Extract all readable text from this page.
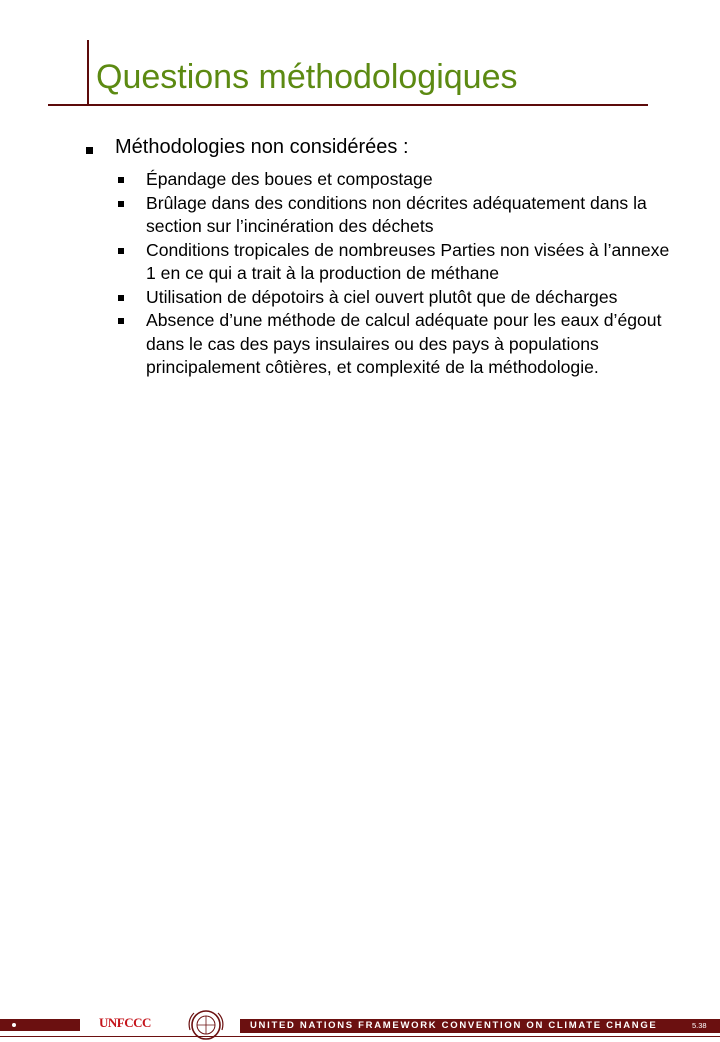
Questions méthodologiques
Méthodologies non considérées :
Épandage des boues et compostage
Brûlage dans des conditions non décrites adéquatement dans la section sur l’incinération des déchets
Conditions tropicales de nombreuses Parties non visées à l’annexe 1 en ce qui a trait à la production de méthane
Utilisation de dépotoirs à ciel ouvert plutôt que de décharges
Absence d’une méthode de calcul adéquate pour les eaux d’égout dans le cas des pays insulaires ou des pays à populations principalement côtières, et complexité de la méthodologie.
UNFCCC	UNITED NATIONS FRAMEWORK CONVENTION ON CLIMATE CHANGE	5.38
